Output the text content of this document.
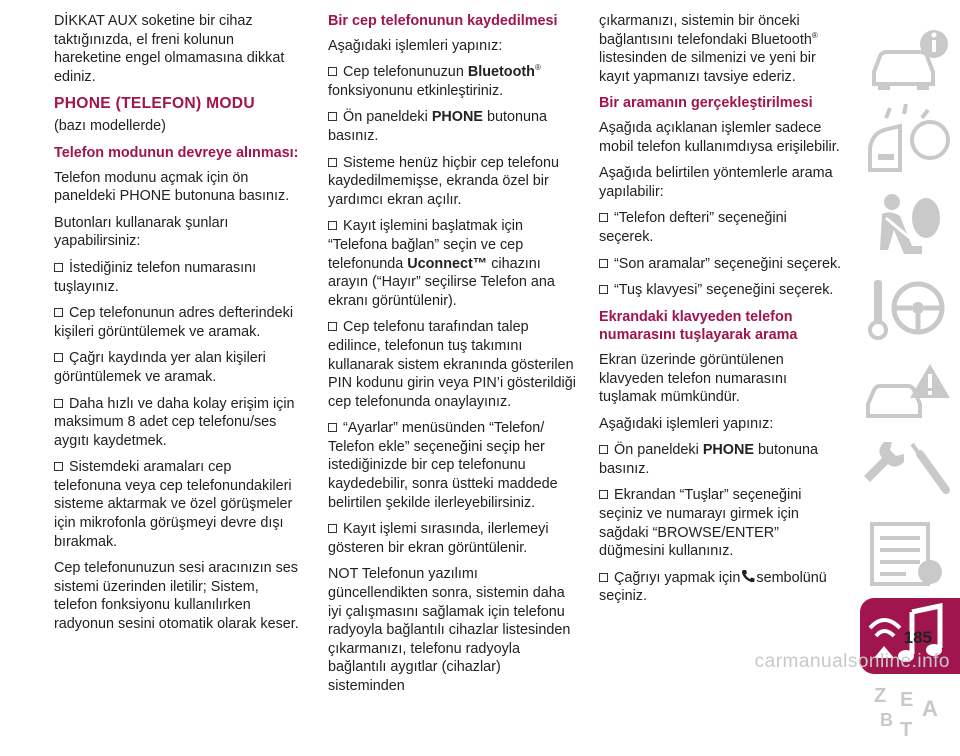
DİKKAT AUX soketine bir cihaz taktığınızda, el freni kolunun hareketine engel olmamasına dikkat ediniz.

PHONE (TELEFON) MODU

(bazı modellerde)

Telefon modunun devreye alınması:

Telefon modunu açmak için ön paneldeki PHONE butonuna basınız.

Butonları kullanarak şunları yapabilirsiniz:

İstediğiniz telefon numarasını tuşlayınız.
Cep telefonunun adres defterindeki kişileri görüntülemek ve aramak.
Çağrı kaydında yer alan kişileri görüntülemek ve aramak.
Daha hızlı ve daha kolay erişim için maksimum 8 adet cep telefonu/ses aygıtı kaydetmek.
Sistemdeki aramaları cep telefonuna veya cep telefonundakileri sisteme aktarmak ve özel görüşmeler için mikrofonla görüşmeyi devre dışı bırakmak.

Cep telefonunuzun sesi aracınızın ses sistemi üzerinden iletilir; Sistem, telefon fonksiyonu kullanılırken radyonun sesini otomatik olarak keser.

Bir cep telefonunun kaydedilmesi

Aşağıdaki işlemleri yapınız:

Cep telefonunuzun Bluetooth® fonksiyonunu etkinleştiriniz.
Ön paneldeki PHONE butonuna basınız.
Sisteme henüz hiçbir cep telefonu kaydedilmemişse, ekranda özel bir yardımcı ekran açılır.
Kayıt işlemini başlatmak için “Telefona bağlan” seçin ve cep telefonunda Uconnect™ cihazını arayın (“Hayır” seçilirse Telefon ana ekranı görüntülenir).
Cep telefonu tarafından talep edilince, telefonun tuş takımını kullanarak sistem ekranında gösterilen PIN kodunu girin veya PIN’i gösterildiği cep telefonunda onaylayınız.
“Ayarlar” menüsünden “Telefon/ Telefon ekle” seçeneğini seçip her istediğinizde bir cep telefonunu kaydedebilir, sonra üstteki maddede belirtilen şekilde ilerleyebilirsiniz.
Kayıt işlemi sırasında, ilerlemeyi gösteren bir ekran görüntülenir.

NOT Telefonun yazılımı güncellendikten sonra, sistemin daha iyi çalışmasını sağlamak için telefonu radyoyla bağlantılı cihazlar listesinden çıkarmanızı, telefonu radyoyla bağlantılı aygıtlar (cihazlar) sisteminden

çıkarmanızı, sistemin bir önceki bağlantısını telefondaki Bluetooth® listesinden de silmenizi ve yeni bir kayıt yapmanızı tavsiye ederiz.

Bir aramanın gerçekleştirilmesi

Aşağıda açıklanan işlemler sadece mobil telefon kullanımdıysa erişilebilir.

Aşağıda belirtilen yöntemlerle arama yapılabilir:

“Telefon defteri” seçeneğini seçerek.
“Son aramalar” seçeneğini seçerek.
“Tuş klavyesi” seçeneğini seçerek.
Ekrandaki klavyeden telefon numarasını tuşlayarak arama

Ekran üzerinde görüntülenen klavyeden telefon numarasını tuşlamak mümkündür.

Aşağıdaki işlemleri yapınız:

Ön paneldeki PHONE butonuna basınız.
Ekrandan “Tuşlar” seçeneğini seçiniz ve numarayı girmek için sağdaki “BROWSE/ENTER” düğmesini kullanınız.
Çağrıyı yapmak için sembolünü seçiniz.
Z E A
B T
185
carmanualsonline.info
